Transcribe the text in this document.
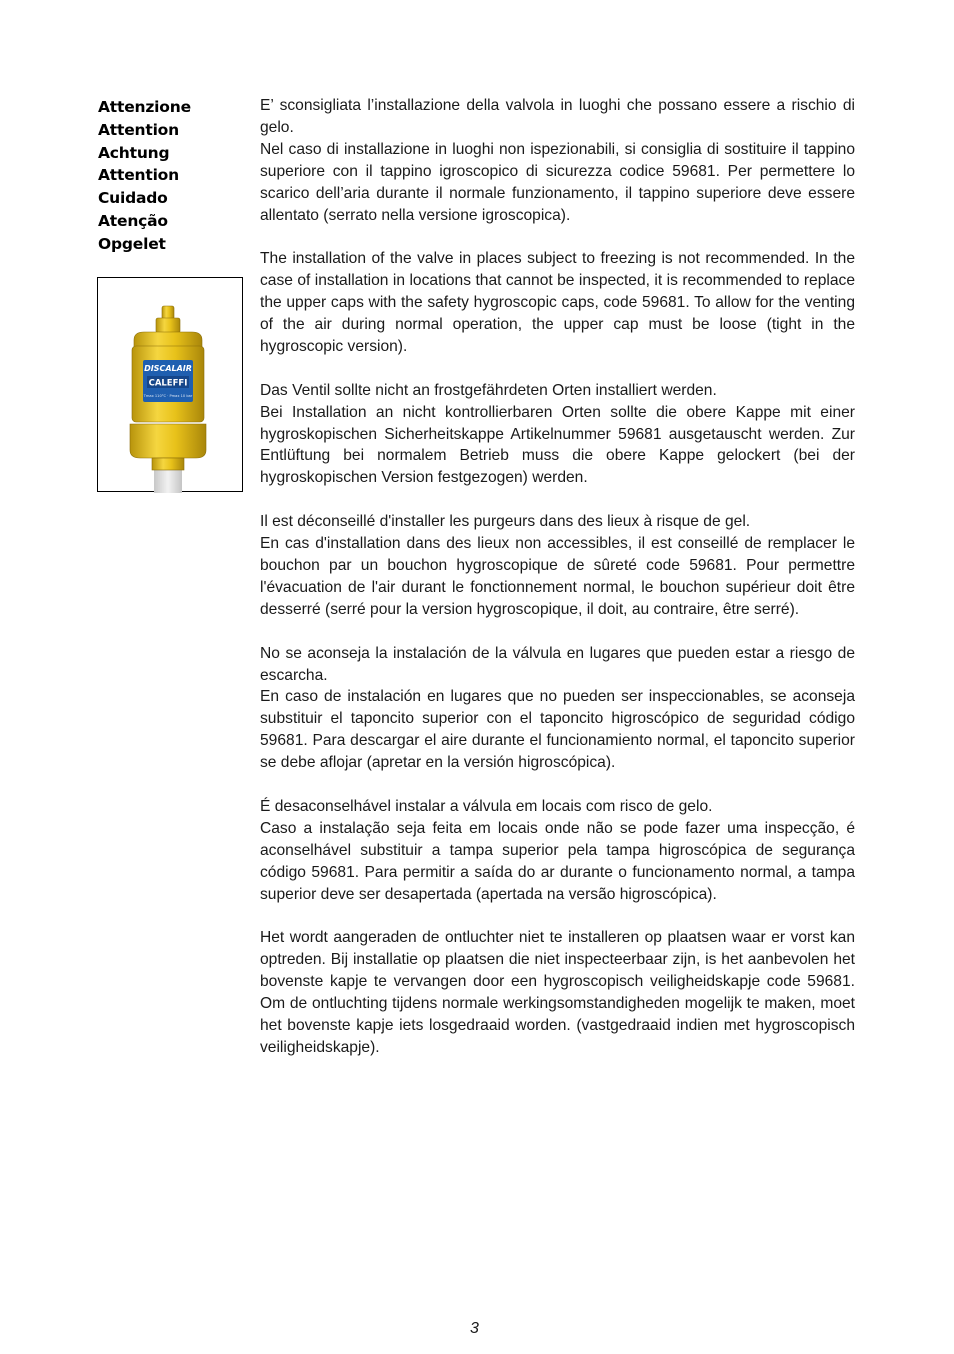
Attenzione
Attention
Achtung
Attention
Cuidado
Atenção
Opgelet
DISCALAIR
CALEFFI
Tmax 110°C · Pmax 10 bar

E’ sconsigliata l’installazione della valvola in luoghi che possano essere a rischio di gelo.
Nel caso di installazione in luoghi non ispezionabili, si consiglia di sostituire il tappino superiore con il tappino igroscopico di sicurezza codice 59681. Per permettere lo scarico dell’aria durante il normale funzionamento, il tappino superiore deve essere allentato (serrato nella versione igroscopica).

The installation of the valve in places subject to freezing is not recommended. In the case of installation in locations that cannot be inspected, it is recommended to replace the upper caps with the safety hygroscopic caps, code 59681. To allow for the venting of the air during normal operation, the upper cap must be loose (tight in the hygroscopic version).

Das Ventil sollte nicht an frostgefährdeten Orten installiert werden.
Bei Installation an nicht kontrollierbaren Orten sollte die obere Kappe mit einer hygroskopischen Sicherheitskappe Artikelnummer 59681 ausgetauscht werden. Zur Entlüftung bei normalem Betrieb muss die obere Kappe gelockert (bei der hygroskopischen Version festgezogen) werden.

Il est déconseillé d'installer les purgeurs dans des lieux à risque de gel.
En cas d'installation dans des lieux non accessibles, il est conseillé de remplacer le bouchon par un bouchon hygroscopique de sûreté code 59681. Pour permettre l'évacuation de l'air durant le fonctionnement normal, le bouchon supérieur doit être desserré (serré pour la version hygroscopique, il doit, au contraire, être serré).

No se aconseja la instalación de la válvula en lugares que pueden estar a riesgo de escarcha.
En caso de instalación en lugares que no pueden ser inspeccionables, se aconseja substituir el taponcito superior con el taponcito higroscópico de seguridad código 59681. Para descargar el aire durante el funcionamiento normal, el taponcito superior se debe aflojar (apretar en la versión higroscópica).

É desaconselhável instalar a válvula em locais com risco de gelo.
Caso a instalação seja feita em locais onde não se pode fazer uma inspecção, é aconselhável substituir a tampa superior pela tampa higroscópica de segurança código 59681. Para permitir a saída do ar durante o funcionamento normal, a tampa superior deve ser desapertada (apertada na versão higroscópica).

Het wordt aangeraden de ontluchter niet te installeren op plaatsen waar er vorst kan optreden. Bij installatie op plaatsen die niet inspecteerbaar zijn, is het aanbevolen het bovenste kapje te vervangen door een hygroscopisch veiligheidskapje code 59681. Om de ontluchting tijdens normale werkingsomstandigheden mogelijk te maken, moet het bovenste kapje iets losgedraaid worden. (vastgedraaid indien met hygroscopisch veiligheidskapje).

3
